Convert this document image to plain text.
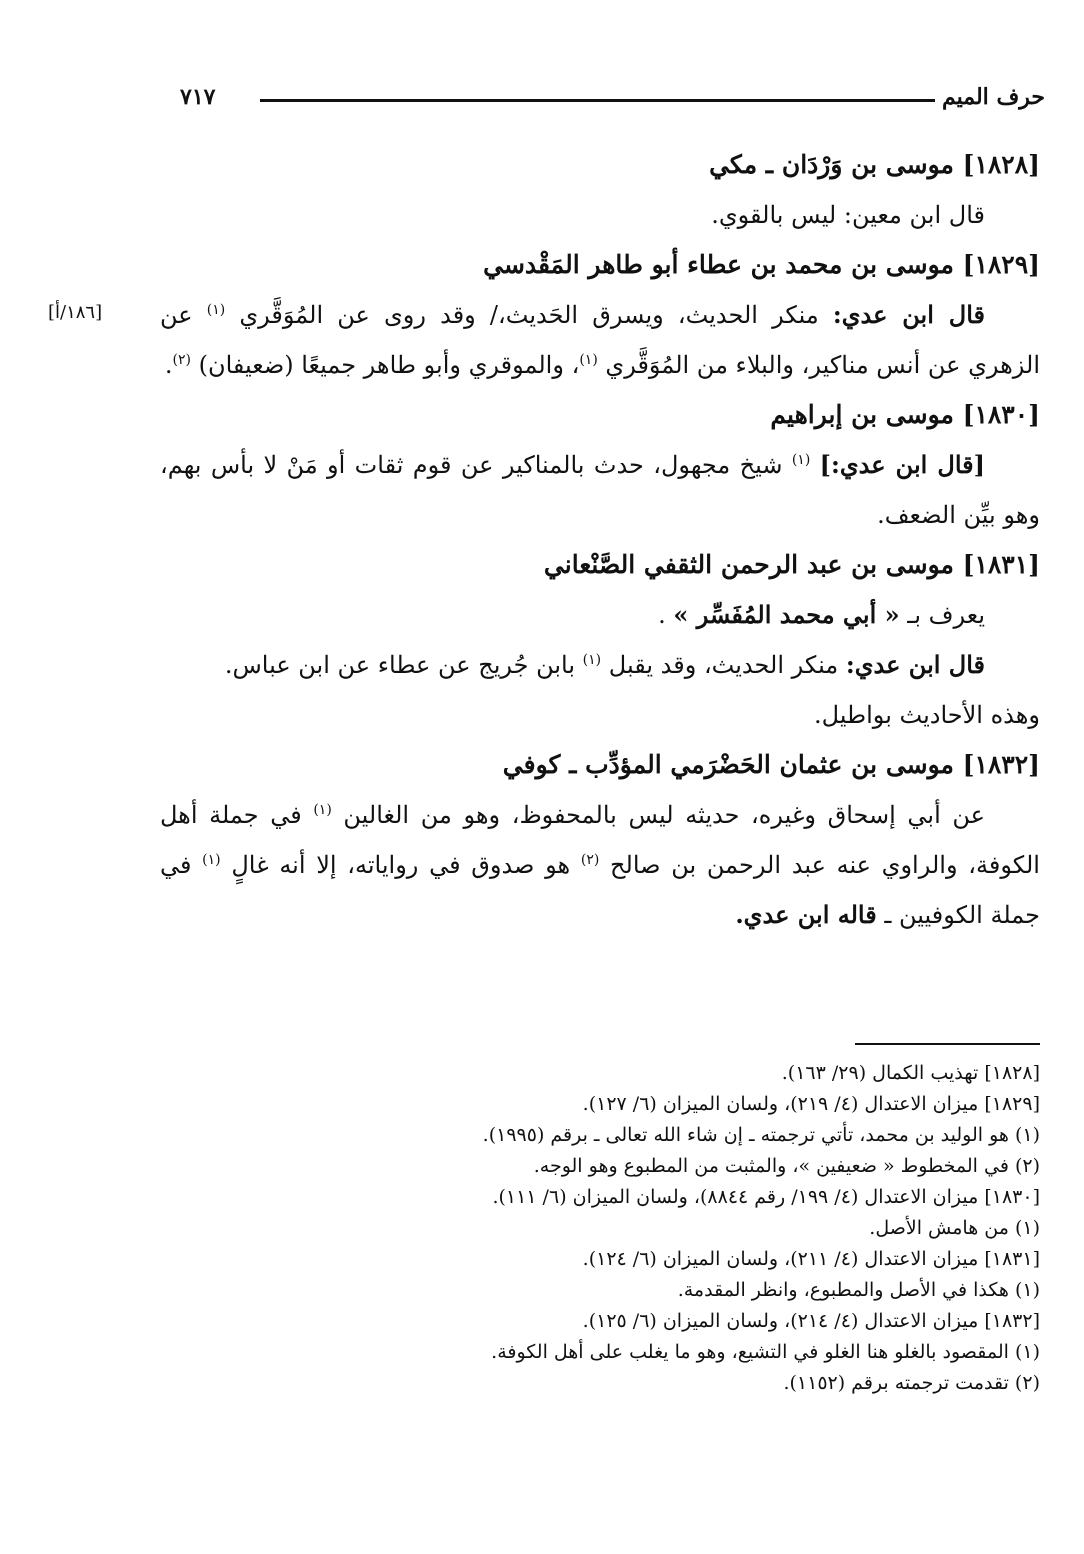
حرف الميم
٧١٧
[١٨٦/أ]

[١٨٢٨] موسى بن وَرْدَان ـ مكي

قال ابن معين: ليس بالقوي.

[١٨٢٩] موسى بن محمد بن عطاء أبو طاهر المَقْدسي

قال ابن عدي: منكر الحديث، ويسرق الحَديث،/ وقد روى عن المُوَقَّري $^{(١)}$ عن الزهري عن أنس مناكير، والبلاء من المُوَقَّري $^{(١)}$، والموقري وأبو طاهر جميعًا (ضعيفان) $^{(٢)}$.

[١٨٣٠] موسى بن إبراهيم

[قال ابن عدي:] $^{(١)}$ شيخ مجهول، حدث بالمناكير عن قوم ثقات أو مَنْ لا بأس بهم، وهو بيِّن الضعف.

[١٨٣١] موسى بن عبد الرحمن الثقفي الصَّنْعاني

يعرف بـ « أبي محمد المُفَسِّر » .

قال ابن عدي: منكر الحديث، وقد يقبل $^{(١)}$ بابن جُريج عن عطاء عن ابن عباس.

وهذه الأحاديث بواطيل.

[١٨٣٢] موسى بن عثمان الحَضْرَمي المؤدِّب ـ كوفي

عن أبي إسحاق وغيره، حديثه ليس بالمحفوظ، وهو من الغالين $^{(١)}$ في جملة أهل الكوفة، والراوي عنه عبد الرحمن بن صالح $^{(٢)}$ هو صدوق في رواياته، إلا أنه غالٍ $^{(١)}$ في جملة الكوفيين ـ قاله ابن عدي.

[١٨٢٨] تهذيب الكمال (٢٩/ ١٦٣).

[١٨٢٩] ميزان الاعتدال (٤/ ٢١٩)، ولسان الميزان (٦/ ١٢٧).

(١) هو الوليد بن محمد، تأتي ترجمته ـ إن شاء الله تعالى ـ برقم (١٩٩٥).

(٢) في المخطوط « ضعيفين »، والمثبت من المطبوع وهو الوجه.

[١٨٣٠] ميزان الاعتدال (٤/ ١٩٩/ رقم ٨٨٤٤)، ولسان الميزان (٦/ ١١١).

(١) من هامش الأصل.

[١٨٣١] ميزان الاعتدال (٤/ ٢١١)، ولسان الميزان (٦/ ١٢٤).

(١) هكذا في الأصل والمطبوع، وانظر المقدمة.

[١٨٣٢] ميزان الاعتدال (٤/ ٢١٤)، ولسان الميزان (٦/ ١٢٥).

(١) المقصود بالغلو هنا الغلو في التشيع، وهو ما يغلب على أهل الكوفة.

(٢) تقدمت ترجمته برقم (١١٥٢).
